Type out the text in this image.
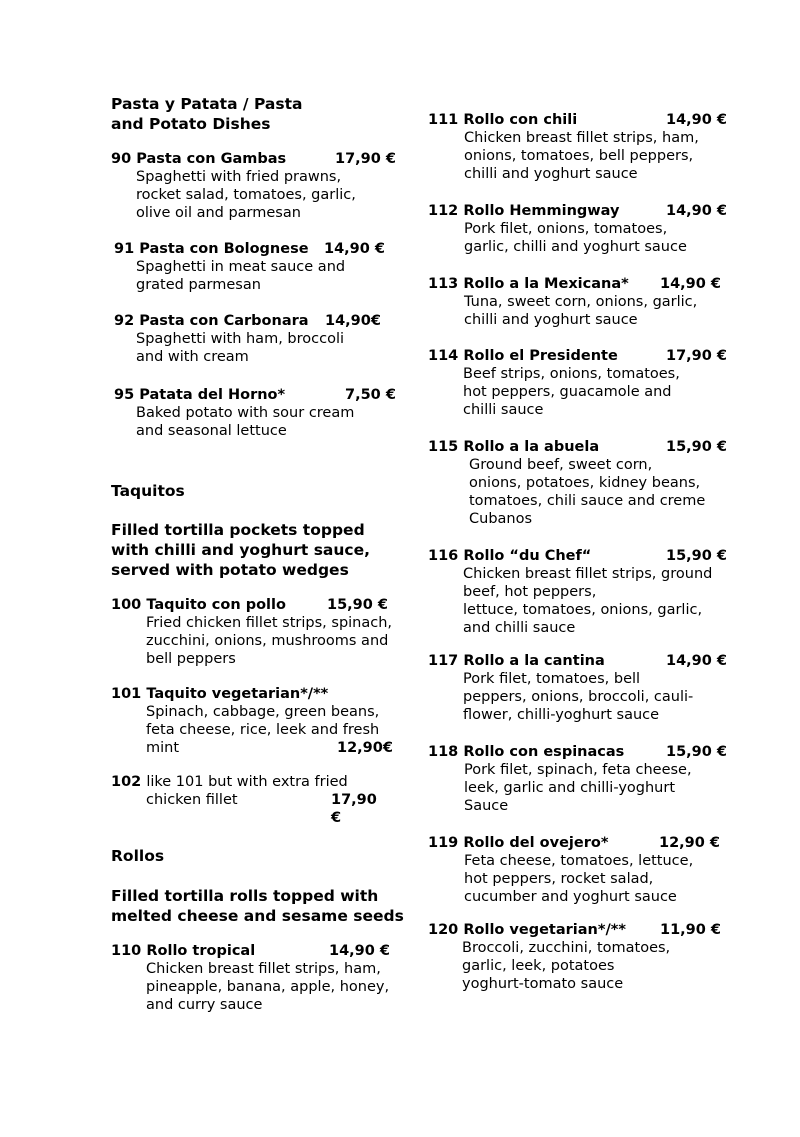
Pasta y Patata / Pasta
and Potato Dishes
90 Pasta con Gambas	17,90 €
Spaghetti with fried prawns,
rocket salad, tomatoes, garlic,
olive oil and parmesan
91 Pasta con Bolognese 14,90 €
Spaghetti in meat sauce and
grated parmesan
92 Pasta con Carbonara 14,90€
Spaghetti with ham, broccoli
and with cream
95 Patata del Horno*	7,50 €
Baked potato with sour cream
and seasonal lettuce
Taquitos
Filled tortilla pockets topped
with chilli and yoghurt sauce,
served with potato wedges
100 Taquito con pollo	15,90 €
Fried chicken fillet strips, spinach,
zucchini, onions, mushrooms and
bell peppers
101 Taquito vegetarian*/**
Spinach, cabbage, green beans,
feta cheese, rice, leek and fresh
mint	12,90€
102 like 101 but with extra fried
chicken fillet	17,90 €
Rollos
Filled tortilla rolls topped with
melted cheese and sesame seeds
110 Rollo tropical	14,90 €
Chicken breast fillet strips, ham,
pineapple, banana, apple, honey,
and curry sauce
111 Rollo con chili	14,90 €
Chicken breast fillet strips, ham,
onions, tomatoes, bell peppers,
chilli and yoghurt sauce
112 Rollo Hemmingway	14,90 €
Pork filet, onions, tomatoes,
garlic, chilli and yoghurt sauce
113 Rollo a la Mexicana* 14,90 €
Tuna, sweet corn, onions, garlic,
chilli and yoghurt sauce
114 Rollo el Presidente	17,90 €
Beef strips, onions, tomatoes,
hot peppers, guacamole and
chilli sauce
115 Rollo a la abuela	15,90 €
Ground beef, sweet corn,
onions, potatoes, kidney beans,
tomatoes, chili sauce and creme
Cubanos
116 Rollo “du Chef“	15,90 €
Chicken breast fillet strips, ground
beef, hot peppers,
lettuce, tomatoes, onions, garlic,
and chilli sauce
117 Rollo a la cantina	14,90 €
Pork filet, tomatoes, bell
peppers, onions, broccoli, cauli-
flower, chilli-yoghurt sauce
118 Rollo con espinacas	15,90 €
Pork filet, spinach, feta cheese,
leek, garlic and chilli-yoghurt
Sauce
119 Rollo del ovejero*	12,90 €
Feta cheese, tomatoes, lettuce,
hot peppers, rocket salad,
cucumber and yoghurt sauce
120 Rollo vegetarian*/** 11,90 €
Broccoli, zucchini, tomatoes,
garlic, leek, potatoes
yoghurt-tomato sauce
